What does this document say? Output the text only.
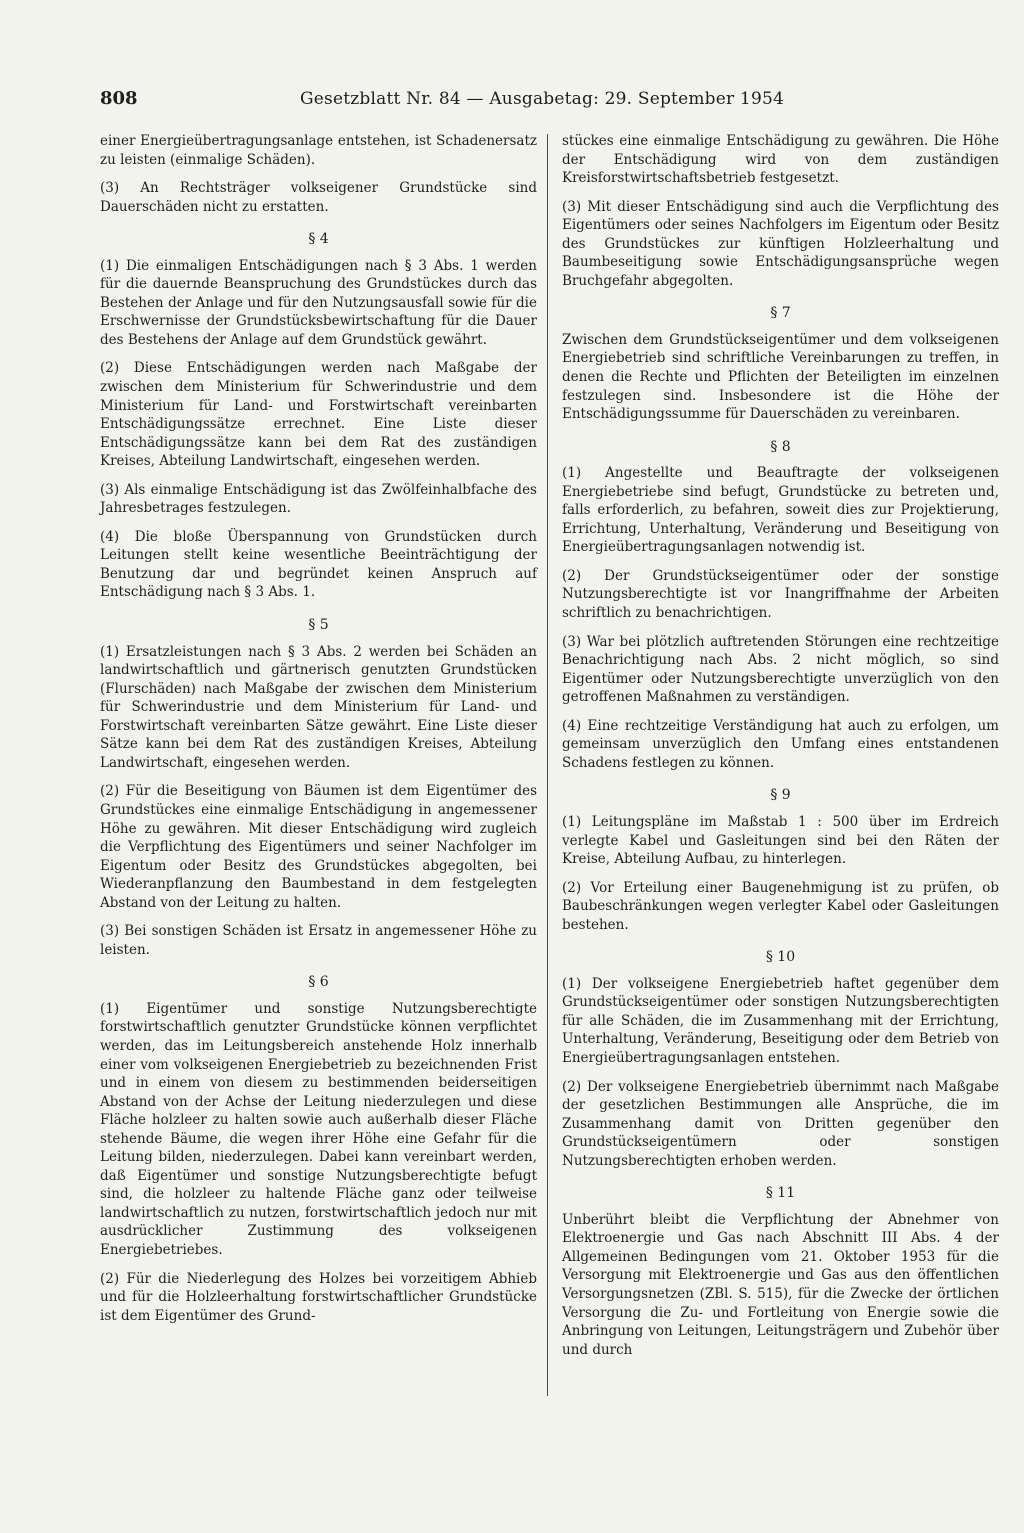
808	Gesetzblatt Nr. 84 — Ausgabetag: 29. September 1954

einer Energieübertragungsanlage entstehen, ist Schadenersatz zu leisten (einmalige Schäden).

(3) An Rechtsträger volkseigener Grundstücke sind Dauerschäden nicht zu erstatten.

§ 4

(1) Die einmaligen Entschädigungen nach § 3 Abs. 1 werden für die dauernde Beanspruchung des Grundstückes durch das Bestehen der Anlage und für den Nutzungsausfall sowie für die Erschwernisse der Grundstücksbewirtschaftung für die Dauer des Bestehens der Anlage auf dem Grundstück gewährt.

(2) Diese Entschädigungen werden nach Maßgabe der zwischen dem Ministerium für Schwerindustrie und dem Ministerium für Land- und Forstwirtschaft vereinbarten Entschädigungssätze errechnet. Eine Liste dieser Entschädigungssätze kann bei dem Rat des zuständigen Kreises, Abteilung Landwirtschaft, eingesehen werden.

(3) Als einmalige Entschädigung ist das Zwölfeinhalbfache des Jahresbetrages festzulegen.

(4) Die bloße Überspannung von Grundstücken durch Leitungen stellt keine wesentliche Beeinträchtigung der Benutzung dar und begründet keinen Anspruch auf Entschädigung nach § 3 Abs. 1.

§ 5

(1) Ersatzleistungen nach § 3 Abs. 2 werden bei Schäden an landwirtschaftlich und gärtnerisch genutzten Grundstücken (Flurschäden) nach Maßgabe der zwischen dem Ministerium für Schwerindustrie und dem Ministerium für Land- und Forstwirtschaft vereinbarten Sätze gewährt. Eine Liste dieser Sätze kann bei dem Rat des zuständigen Kreises, Abteilung Landwirtschaft, eingesehen werden.

(2) Für die Beseitigung von Bäumen ist dem Eigentümer des Grundstückes eine einmalige Entschädigung in angemessener Höhe zu gewähren. Mit dieser Entschädigung wird zugleich die Verpflichtung des Eigentümers und seiner Nachfolger im Eigentum oder Besitz des Grundstückes abgegolten, bei Wiederanpflanzung den Baumbestand in dem festgelegten Abstand von der Leitung zu halten.

(3) Bei sonstigen Schäden ist Ersatz in angemessener Höhe zu leisten.

§ 6

(1) Eigentümer und sonstige Nutzungsberechtigte forstwirtschaftlich genutzter Grundstücke können verpflichtet werden, das im Leitungsbereich anstehende Holz innerhalb einer vom volkseigenen Energiebetrieb zu bezeichnenden Frist und in einem von diesem zu bestimmenden beiderseitigen Abstand von der Achse der Leitung niederzulegen und diese Fläche holzleer zu halten sowie auch außerhalb dieser Fläche stehende Bäume, die wegen ihrer Höhe eine Gefahr für die Leitung bilden, niederzulegen. Dabei kann vereinbart werden, daß Eigentümer und sonstige Nutzungsberechtigte befugt sind, die holzleer zu haltende Fläche ganz oder teilweise landwirtschaftlich zu nutzen, forstwirtschaftlich jedoch nur mit ausdrücklicher Zustimmung des volkseigenen Energiebetriebes.

(2) Für die Niederlegung des Holzes bei vorzeitigem Abhieb und für die Holzleerhaltung forstwirtschaftlicher Grundstücke ist dem Eigentümer des Grund-

stückes eine einmalige Entschädigung zu gewähren. Die Höhe der Entschädigung wird von dem zuständigen Kreisforstwirtschaftsbetrieb festgesetzt.

(3) Mit dieser Entschädigung sind auch die Verpflichtung des Eigentümers oder seines Nachfolgers im Eigentum oder Besitz des Grundstückes zur künftigen Holzleerhaltung und Baumbeseitigung sowie Entschädigungsansprüche wegen Bruchgefahr abgegolten.

§ 7

Zwischen dem Grundstückseigentümer und dem volkseigenen Energiebetrieb sind schriftliche Vereinbarungen zu treffen, in denen die Rechte und Pflichten der Beteiligten im einzelnen festzulegen sind. Insbesondere ist die Höhe der Entschädigungssumme für Dauerschäden zu vereinbaren.

§ 8

(1) Angestellte und Beauftragte der volkseigenen Energiebetriebe sind befugt, Grundstücke zu betreten und, falls erforderlich, zu befahren, soweit dies zur Projektierung, Errichtung, Unterhaltung, Veränderung und Beseitigung von Energieübertragungsanlagen notwendig ist.

(2) Der Grundstückseigentümer oder der sonstige Nutzungsberechtigte ist vor Inangriffnahme der Arbeiten schriftlich zu benachrichtigen.

(3) War bei plötzlich auftretenden Störungen eine rechtzeitige Benachrichtigung nach Abs. 2 nicht möglich, so sind Eigentümer oder Nutzungsberechtigte unverzüglich von den getroffenen Maßnahmen zu verständigen.

(4) Eine rechtzeitige Verständigung hat auch zu erfolgen, um gemeinsam unverzüglich den Umfang eines entstandenen Schadens festlegen zu können.

§ 9

(1) Leitungspläne im Maßstab 1 : 500 über im Erdreich verlegte Kabel und Gasleitungen sind bei den Räten der Kreise, Abteilung Aufbau, zu hinterlegen.

(2) Vor Erteilung einer Baugenehmigung ist zu prüfen, ob Baubeschränkungen wegen verlegter Kabel oder Gasleitungen bestehen.

§ 10

(1) Der volkseigene Energiebetrieb haftet gegenüber dem Grundstückseigentümer oder sonstigen Nutzungsberechtigten für alle Schäden, die im Zusammenhang mit der Errichtung, Unterhaltung, Veränderung, Beseitigung oder dem Betrieb von Energieübertragungsanlagen entstehen.

(2) Der volkseigene Energiebetrieb übernimmt nach Maßgabe der gesetzlichen Bestimmungen alle Ansprüche, die im Zusammenhang damit von Dritten gegenüber den Grundstückseigentümern oder sonstigen Nutzungsberechtigten erhoben werden.

§ 11

Unberührt bleibt die Verpflichtung der Abnehmer von Elektroenergie und Gas nach Abschnitt III Abs. 4 der Allgemeinen Bedingungen vom 21. Oktober 1953 für die Versorgung mit Elektroenergie und Gas aus den öffentlichen Versorgungsnetzen (ZBl. S. 515), für die Zwecke der örtlichen Versorgung die Zu- und Fortleitung von Energie sowie die Anbringung von Leitungen, Leitungsträgern und Zubehör über und durch
